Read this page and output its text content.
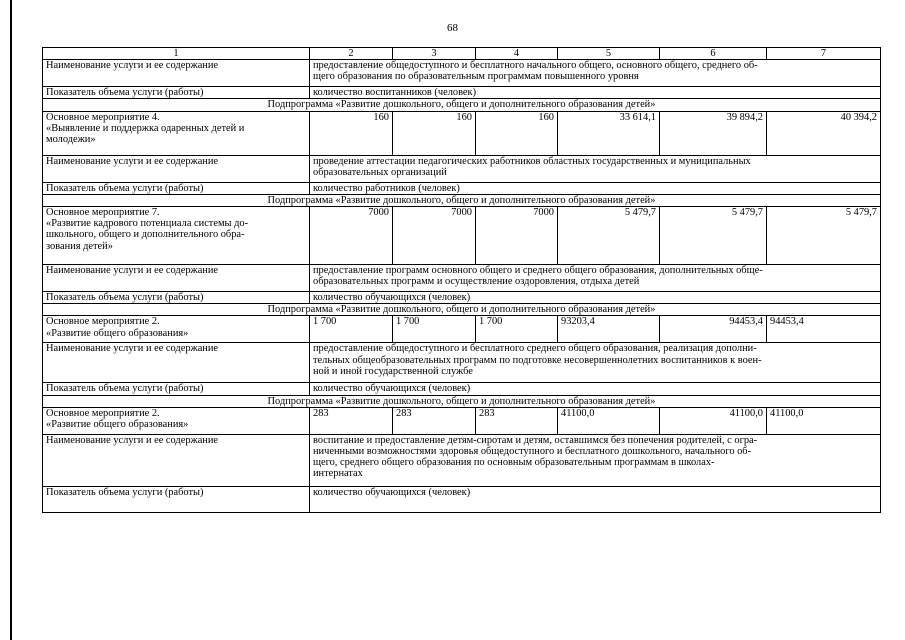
68
1	2	3	4	5	6	7
Наименование услуги и ее содержание	предоставление общедоступного и бесплатного начального общего, основного общего, среднего об-
щего образования по образовательным программам повышенного уровня					
Показатель объема услуги (работы)	количество воспитанников (человек)					
Подпрограмма «Развитие дошкольного, общего и дополнительного образования детей»						
Основное мероприятие 4.
«Выявление и поддержка одаренных детей и
молодежи»	160	160	160	33 614,1	39 894,2	40 394,2
Наименование услуги и ее содержание	проведение аттестации педагогических работников областных государственных и муниципальных
образовательных организаций					
Показатель объема услуги (работы)	количество работников (человек)					
Подпрограмма «Развитие дошкольного, общего и дополнительного образования детей»						
Основное мероприятие 7.
«Развитие кадрового потенциала системы до-
школьного, общего и дополнительного обра-
зования детей»	7000	7000	7000	5 479,7	5 479,7	5 479,7
Наименование услуги и ее содержание	предоставление программ основного общего и среднего общего образования, дополнительных обще-
образовательных программ и осуществление оздоровления, отдыха детей					
Показатель объема услуги (работы)	количество обучающихся (человек)					
Подпрограмма «Развитие дошкольного, общего и дополнительного образования детей»						
Основное мероприятие 2.
«Развитие общего образования»	1 700	1 700	1 700	93203,4	94453,4	94453,4
Наименование услуги и ее содержание	предоставление общедоступного и бесплатного среднего общего образования, реализация дополни-
тельных общеобразовательных программ по подготовке несовершеннолетних воспитанников к воен-
ной и иной государственной службе					
Показатель объема услуги (работы)	количество обучающихся (человек)					
Подпрограмма «Развитие дошкольного, общего и дополнительного образования детей»						
Основное мероприятие 2.
«Развитие общего образования»	283	283	283	41100,0	41100,0	41100,0
Наименование услуги и ее содержание	воспитание и предоставление детям-сиротам и детям, оставшимся без попечения родителей, с огра-
ниченными возможностями здоровья общедоступного и бесплатного дошкольного, начального об-
щего, среднего общего образования по основным образовательным программам в школах-
интернатах					
Показатель объема услуги (работы)	количество обучающихся (человек)					
